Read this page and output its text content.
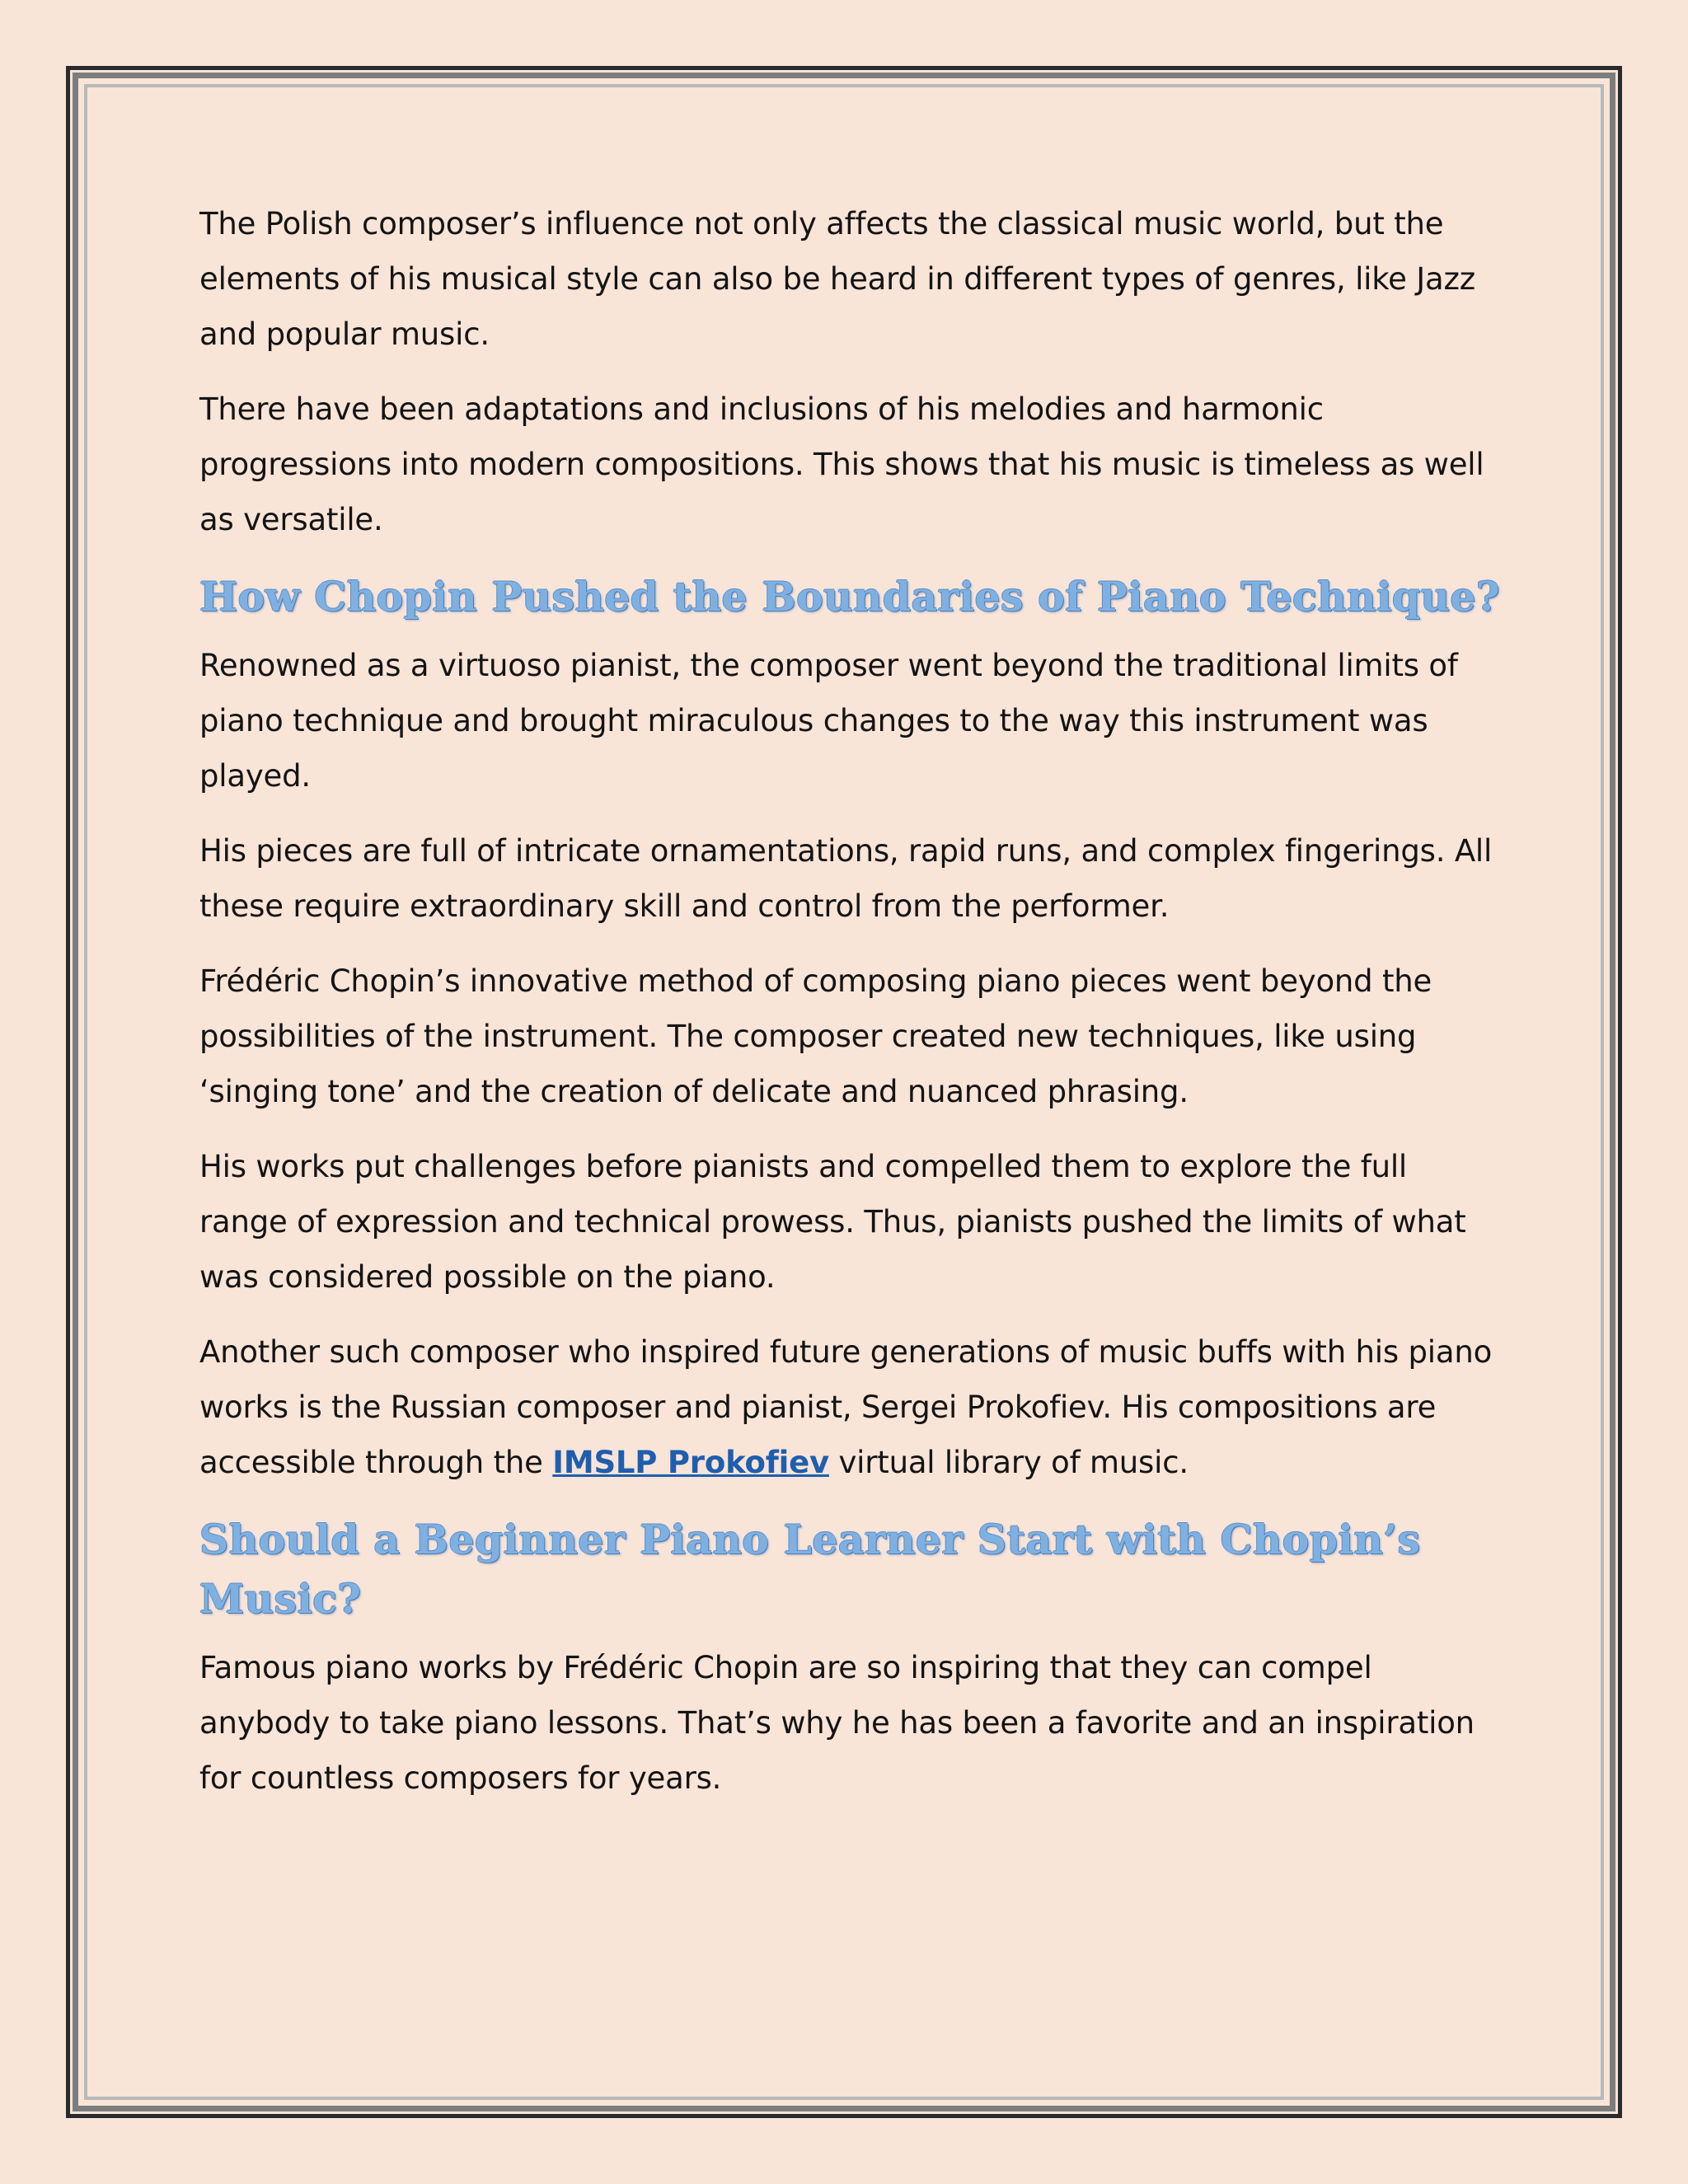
The Polish composer’s influence not only affects the classical music world, but the elements of his musical style can also be heard in different types of genres, like Jazz and popular music.

There have been adaptations and inclusions of his melodies and harmonic progressions into modern compositions. This shows that his music is timeless as well as versatile.

How Chopin Pushed the Boundaries of Piano Technique?

Renowned as a virtuoso pianist, the composer went beyond the traditional limits of piano technique and brought miraculous changes to the way this instrument was played.

His pieces are full of intricate ornamentations, rapid runs, and complex fingerings. All these require extraordinary skill and control from the performer.

Frédéric Chopin’s innovative method of composing piano pieces went beyond the possibilities of the instrument. The composer created new techniques, like using ‘singing tone’ and the creation of delicate and nuanced phrasing.

His works put challenges before pianists and compelled them to explore the full range of expression and technical prowess. Thus, pianists pushed the limits of what was considered possible on the piano.

Another such composer who inspired future generations of music buffs with his piano works is the Russian composer and pianist, Sergei Prokofiev. His compositions are accessible through the IMSLP Prokofiev virtual library of music.

Should a Beginner Piano Learner Start with Chopin’s Music?

Famous piano works by Frédéric Chopin are so inspiring that they can compel anybody to take piano lessons. That’s why he has been a favorite and an inspiration for countless composers for years.
